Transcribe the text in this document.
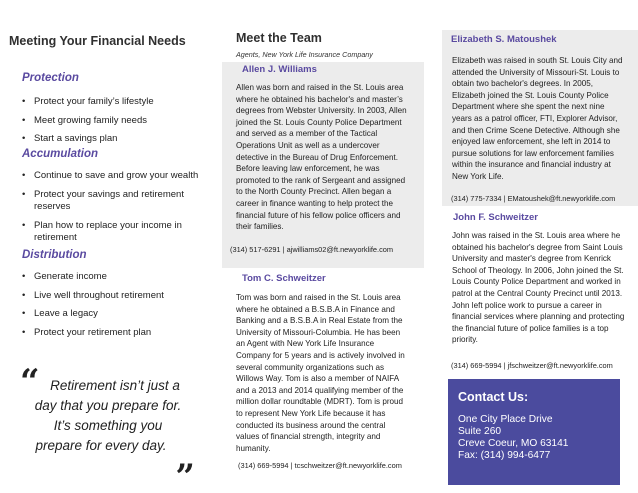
Meeting Your Financial Needs
Protection
• Protect your family’s lifestyle
• Meet growing family needs
• Start a savings plan
Accumulation
• Continue to save and grow your wealth
• Protect your savings and retirement reserves
• Plan how to replace your income in retirement
Distribution
• Generate income
• Live well throughout retirement
• Leave a legacy
• Protect your retirement plan
“ Retirement isn’t just a
day that you prepare for.
It’s something you
prepare for every day. „
Meet the Team
Agents, New York Life Insurance Company
Allen J. Williams

Allen was born and raised in the St. Louis area where he obtained his bachelor's and master’s degrees from Webster University. In 2003, Allen joined the St. Louis County Police Department and served as a member of the Tactical Operations Unit as well as a undercover detective in the Bureau of Drug Enforcement. Before leaving law enforcement, he was promoted to the rank of Sergeant and assigned to the North County Precinct. Allen began a career in finance wanting to help protect the financial future of his fellow police officers and their families.

(314) 517-6291 | ajwilliams02@ft.newyorklife.com
Tom C. Schweitzer

Tom was born and raised in the St. Louis area where he obtained a B.S.B.A in Finance and Banking and a B.S.B.A in Real Estate from the University of Missouri-Columbia. He has been an Agent with New York Life Insurance Company for 5 years and is actively involved in several community organizations such as Willows Way. Tom is also a member of NAIFA and a 2013 and 2014 qualifying member of the million dollar roundtable (MDRT). Tom is proud to represent New York Life because it has conducted its business around the central values of financial strength, integrity and humanity.

(314) 669-5994 | tcschweitzer@ft.newyorklife.com
Elizabeth S. Matoushek

Elizabeth was raised in south St. Louis City and attended the University of Missouri-St. Louis to obtain two bachelor's degrees. In 2005, Elizabeth joined the St. Louis County Police Department where she spent the next nine years as a patrol officer, FTI, Explorer Advisor, and then Crime Scene Detective. Although she enjoyed law enforcement, she left in 2014 to pursue solutions for law enforcement families within the insurance and financial industry at New York Life.

(314) 775-7334 | EMatoushek@ft.newyorklife.com
John F. Schweitzer

John was raised in the St. Louis area where he obtained his bachelor's degree from Saint Louis University and master's degree from Kenrick School of Theology. In 2006, John joined the St. Louis County Police Department and worked in patrol at the Central County Precinct until 2013. John left police work to pursue a career in financial services where planning and protecting the financial future of police families is a top priority.

(314) 669-5994 | jfschweitzer@ft.newyorklife.com
Contact Us:
One City Place Drive
Suite 260
Creve Coeur, MO 63141
Fax: (314) 994-6477
